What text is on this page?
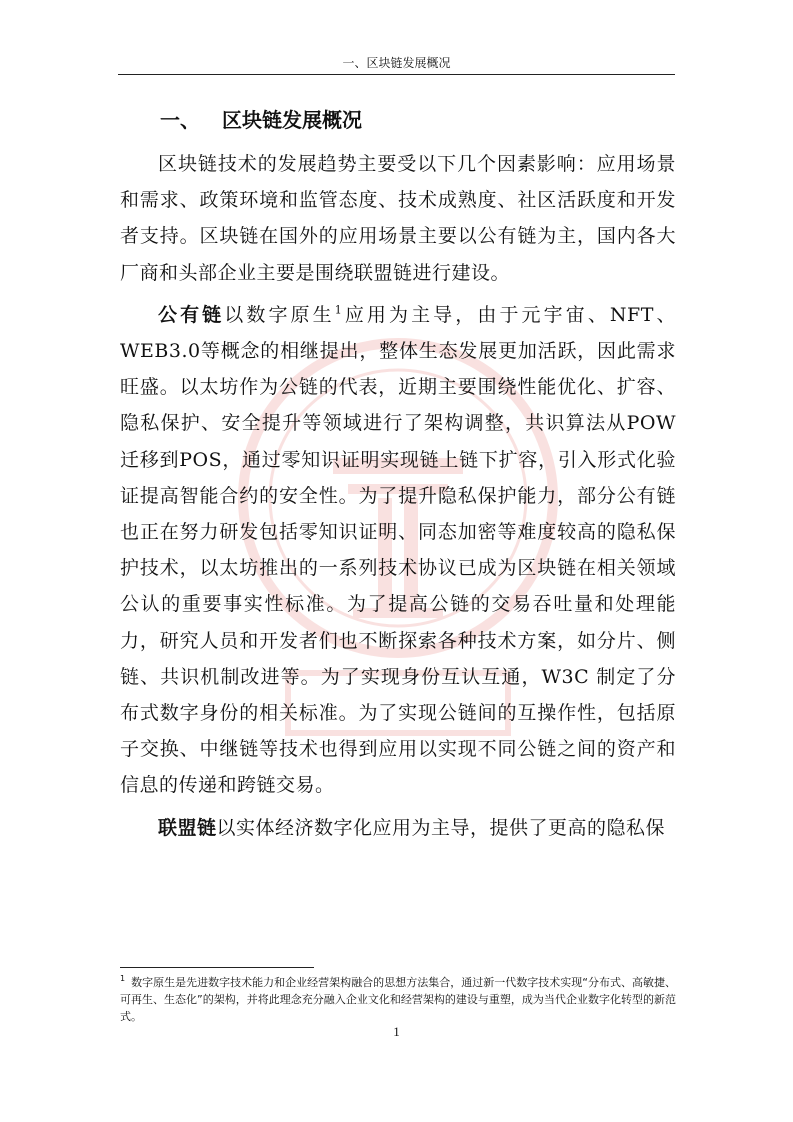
一、区块链发展概况
一、 区块链发展概况

区块链技术的发展趋势主要受以下几个因素影响：应用场景和需求、政策环境和监管态度、技术成熟度、社区活跃度和开发者支持。区块链在国外的应用场景主要以公有链为主，国内各大厂商和头部企业主要是围绕联盟链进行建设。

公有链以数字原生$^1$应用为主导，由于元宇宙、NFT、WEB3.0等概念的相继提出，整体生态发展更加活跃，因此需求旺盛。以太坊作为公链的代表，近期主要围绕性能优化、扩容、隐私保护、安全提升等领域进行了架构调整，共识算法从POW迁移到POS，通过零知识证明实现链上链下扩容，引入形式化验证提高智能合约的安全性。为了提升隐私保护能力，部分公有链也正在努力研发包括零知识证明、同态加密等难度较高的隐私保护技术，以太坊推出的一系列技术协议已成为区块链在相关领域公认的重要事实性标准。为了提高公链的交易吞吐量和处理能力，研究人员和开发者们也不断探索各种技术方案，如分片、侧链、共识机制改进等。为了实现身份互认互通，W3C 制定了分布式数字身份的相关标准。为了实现公链间的互操作性，包括原子交换、中继链等技术也得到应用以实现不同公链之间的资产和信息的传递和跨链交易。

联盟链以实体经济数字化应用为主导，提供了更高的隐私保

$^1$ 数字原生是先进数字技术能力和企业经营架构融合的思想方法集合，通过新一代数字技术实现“分布式、高敏捷、可再生、生态化”的架构，并将此理念充分融入企业文化和经营架构的建设与重塑，成为当代企业数字化转型的新范式。
1
